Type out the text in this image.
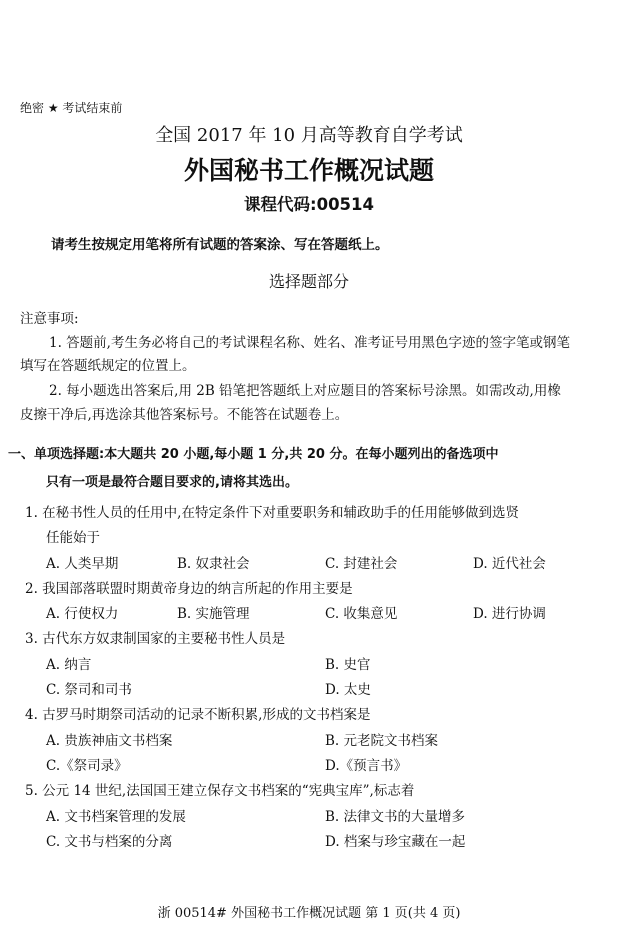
绝密 ★ 考试结束前
全国 2017 年 10 月高等教育自学考试
外国秘书工作概况试题
课程代码:00514
请考生按规定用笔将所有试题的答案涂、写在答题纸上。
选择题部分
注意事项:
1. 答题前,考生务必将自己的考试课程名称、姓名、准考证号用黑色字迹的签字笔或钢笔
填写在答题纸规定的位置上。
2. 每小题选出答案后,用 2B 铅笔把答题纸上对应题目的答案标号涂黑。如需改动,用橡
皮擦干净后,再选涂其他答案标号。不能答在试题卷上。
一、单项选择题:本大题共 20 小题,每小题 1 分,共 20 分。在每小题列出的备选项中
只有一项是最符合题目要求的,请将其选出。
1. 在秘书性人员的任用中,在特定条件下对重要职务和辅政助手的任用能够做到选贤
任能始于
A. 人类早期	B. 奴隶社会	C. 封建社会	D. 近代社会
2. 我国部落联盟时期黄帝身边的纳言所起的作用主要是
A. 行使权力	B. 实施管理	C. 收集意见	D. 进行协调
3. 古代东方奴隶制国家的主要秘书性人员是
A. 纳言	B. 史官
C. 祭司和司书	D. 太史
4. 古罗马时期祭司活动的记录不断积累,形成的文书档案是
A. 贵族神庙文书档案	B. 元老院文书档案
C.《祭司录》	D.《预言书》
5. 公元 14 世纪,法国国王建立保存文书档案的“宪典宝库”,标志着
A. 文书档案管理的发展	B. 法律文书的大量增多
C. 文书与档案的分离	D. 档案与珍宝藏在一起
浙 00514# 外国秘书工作概况试题 第 1 页(共 4 页)
